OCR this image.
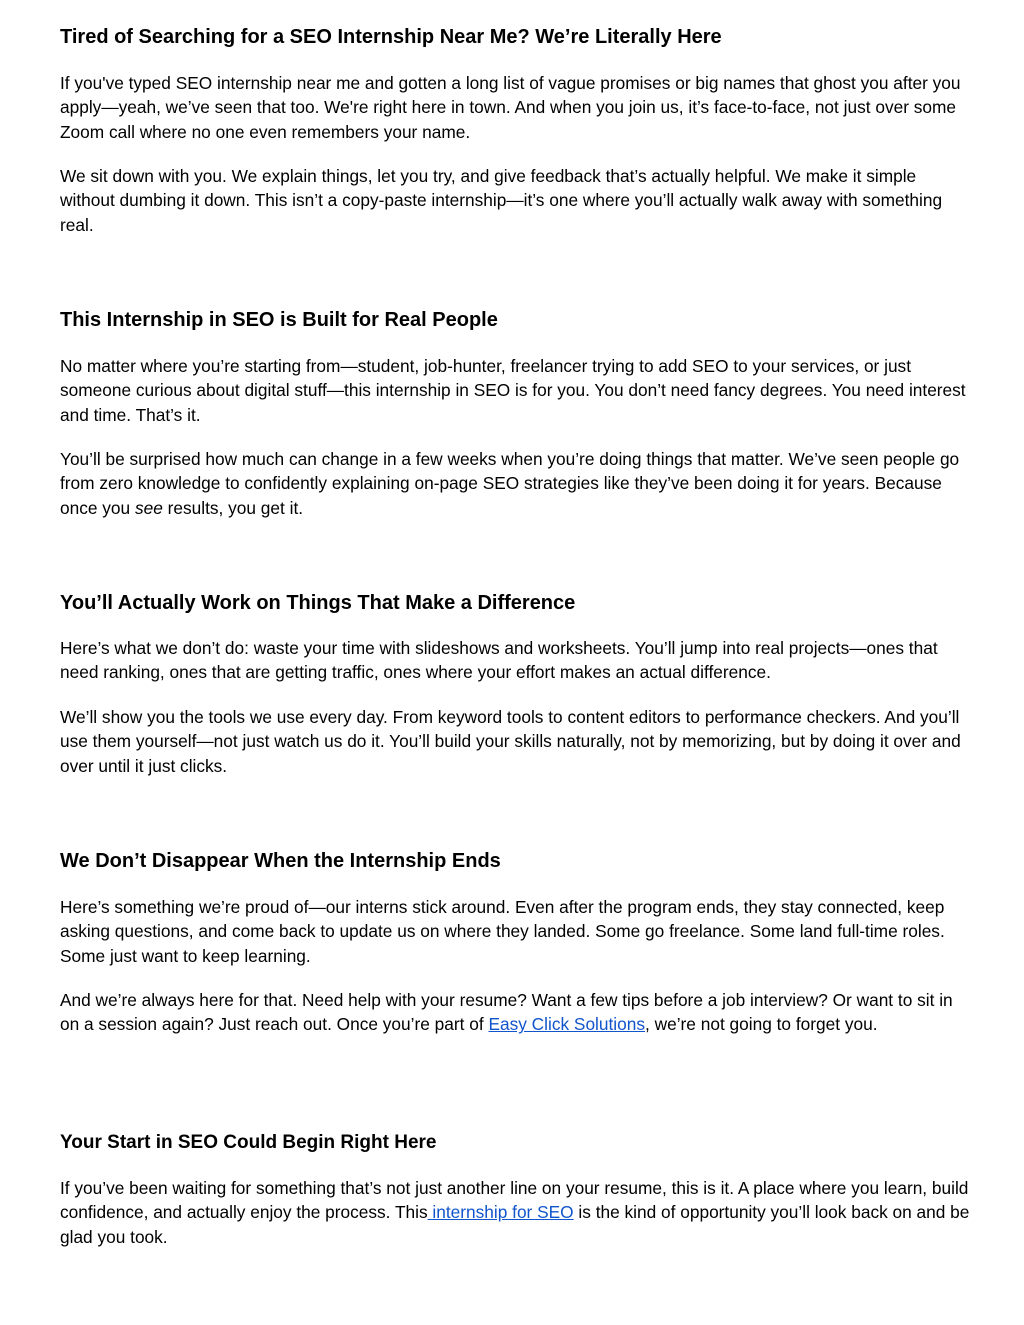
Tired of Searching for a SEO Internship Near Me? We’re Literally Here

If you've typed SEO internship near me and gotten a long list of vague promises or big names that ghost you after you apply—yeah, we’ve seen that too. We're right here in town. And when you join us, it’s face-to-face, not just over some Zoom call where no one even remembers your name.

We sit down with you. We explain things, let you try, and give feedback that’s actually helpful. We make it simple without dumbing it down. This isn’t a copy-paste internship—it’s one where you’ll actually walk away with something real.

This Internship in SEO is Built for Real People

No matter where you’re starting from—student, job-hunter, freelancer trying to add SEO to your services, or just someone curious about digital stuff—this internship in SEO is for you. You don’t need fancy degrees. You need interest and time. That’s it.

You’ll be surprised how much can change in a few weeks when you’re doing things that matter. We’ve seen people go from zero knowledge to confidently explaining on-page SEO strategies like they’ve been doing it for years. Because once you see results, you get it.

You’ll Actually Work on Things That Make a Difference

Here’s what we don’t do: waste your time with slideshows and worksheets. You’ll jump into real projects—ones that need ranking, ones that are getting traffic, ones where your effort makes an actual difference.

We’ll show you the tools we use every day. From keyword tools to content editors to performance checkers. And you’ll use them yourself—not just watch us do it. You’ll build your skills naturally, not by memorizing, but by doing it over and over until it just clicks.

We Don’t Disappear When the Internship Ends

Here’s something we’re proud of—our interns stick around. Even after the program ends, they stay connected, keep asking questions, and come back to update us on where they landed. Some go freelance. Some land full-time roles. Some just want to keep learning.

And we’re always here for that. Need help with your resume? Want a few tips before a job interview? Or want to sit in on a session again? Just reach out. Once you’re part of Easy Click Solutions, we’re not going to forget you.

Your Start in SEO Could Begin Right Here

If you’ve been waiting for something that’s not just another line on your resume, this is it. A place where you learn, build confidence, and actually enjoy the process. This internship for SEO is the kind of opportunity you’ll look back on and be glad you took.
